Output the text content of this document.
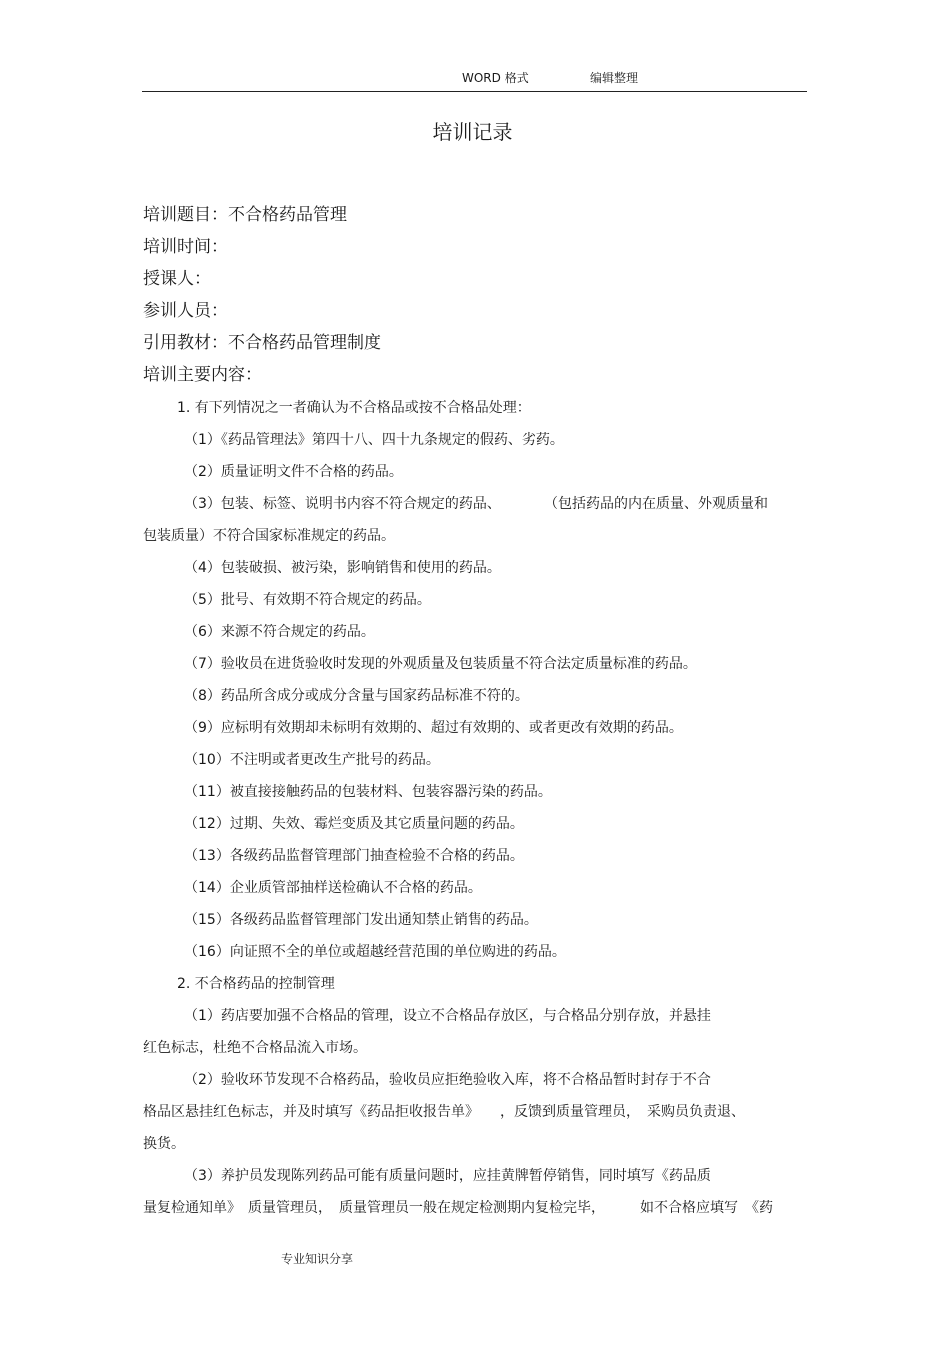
WORD 格式	编辑整理
培训记录
培训题目：不合格药品管理
培训时间：
授课人：
参训人员：
引用教材：不合格药品管理制度
培训主要内容：
1. 有下列情况之一者确认为不合格品或按不合格品处理：
（1）《药品管理法》第四十八、四十九条规定的假药、劣药。
（2）质量证明文件不合格的药品。
（3）包装、标签、说明书内容不符合规定的药品、	（包括药品的内在质量、外观质量和
包装质量）不符合国家标准规定的药品。
（4）包装破损、被污染，影响销售和使用的药品。
（5）批号、有效期不符合规定的药品。
（6）来源不符合规定的药品。
（7）验收员在进货验收时发现的外观质量及包装质量不符合法定质量标准的药品。
（8）药品所含成分或成分含量与国家药品标准不符的。
（9）应标明有效期却未标明有效期的、超过有效期的、或者更改有效期的药品。
（10）不注明或者更改生产批号的药品。
（11）被直接接触药品的包装材料、包装容器污染的药品。
（12）过期、失效、霉烂变质及其它质量问题的药品。
（13）各级药品监督管理部门抽查检验不合格的药品。
（14）企业质管部抽样送检确认不合格的药品。
（15）各级药品监督管理部门发出通知禁止销售的药品。
（16）向证照不全的单位或超越经营范围的单位购进的药品。
2. 不合格药品的控制管理
（1）药店要加强不合格品的管理，设立不合格品存放区，与合格品分别存放，并悬挂
红色标志，杜绝不合格品流入市场。
（2）验收环节发现不合格药品，验收员应拒绝验收入库，将不合格品暂时封存于不合
格品区悬挂红色标志，并及时填写《药品拒收报告单》　　，反馈到质量管理员，　采购员负责退、
换货。
（3）养护员发现陈列药品可能有质量问题时，应挂黄牌暂停销售，同时填写《药品质
量复检通知单》　质量管理员，　质量管理员一般在规定检测期内复检完毕，　　　如不合格应填写　《药
专业知识分享
